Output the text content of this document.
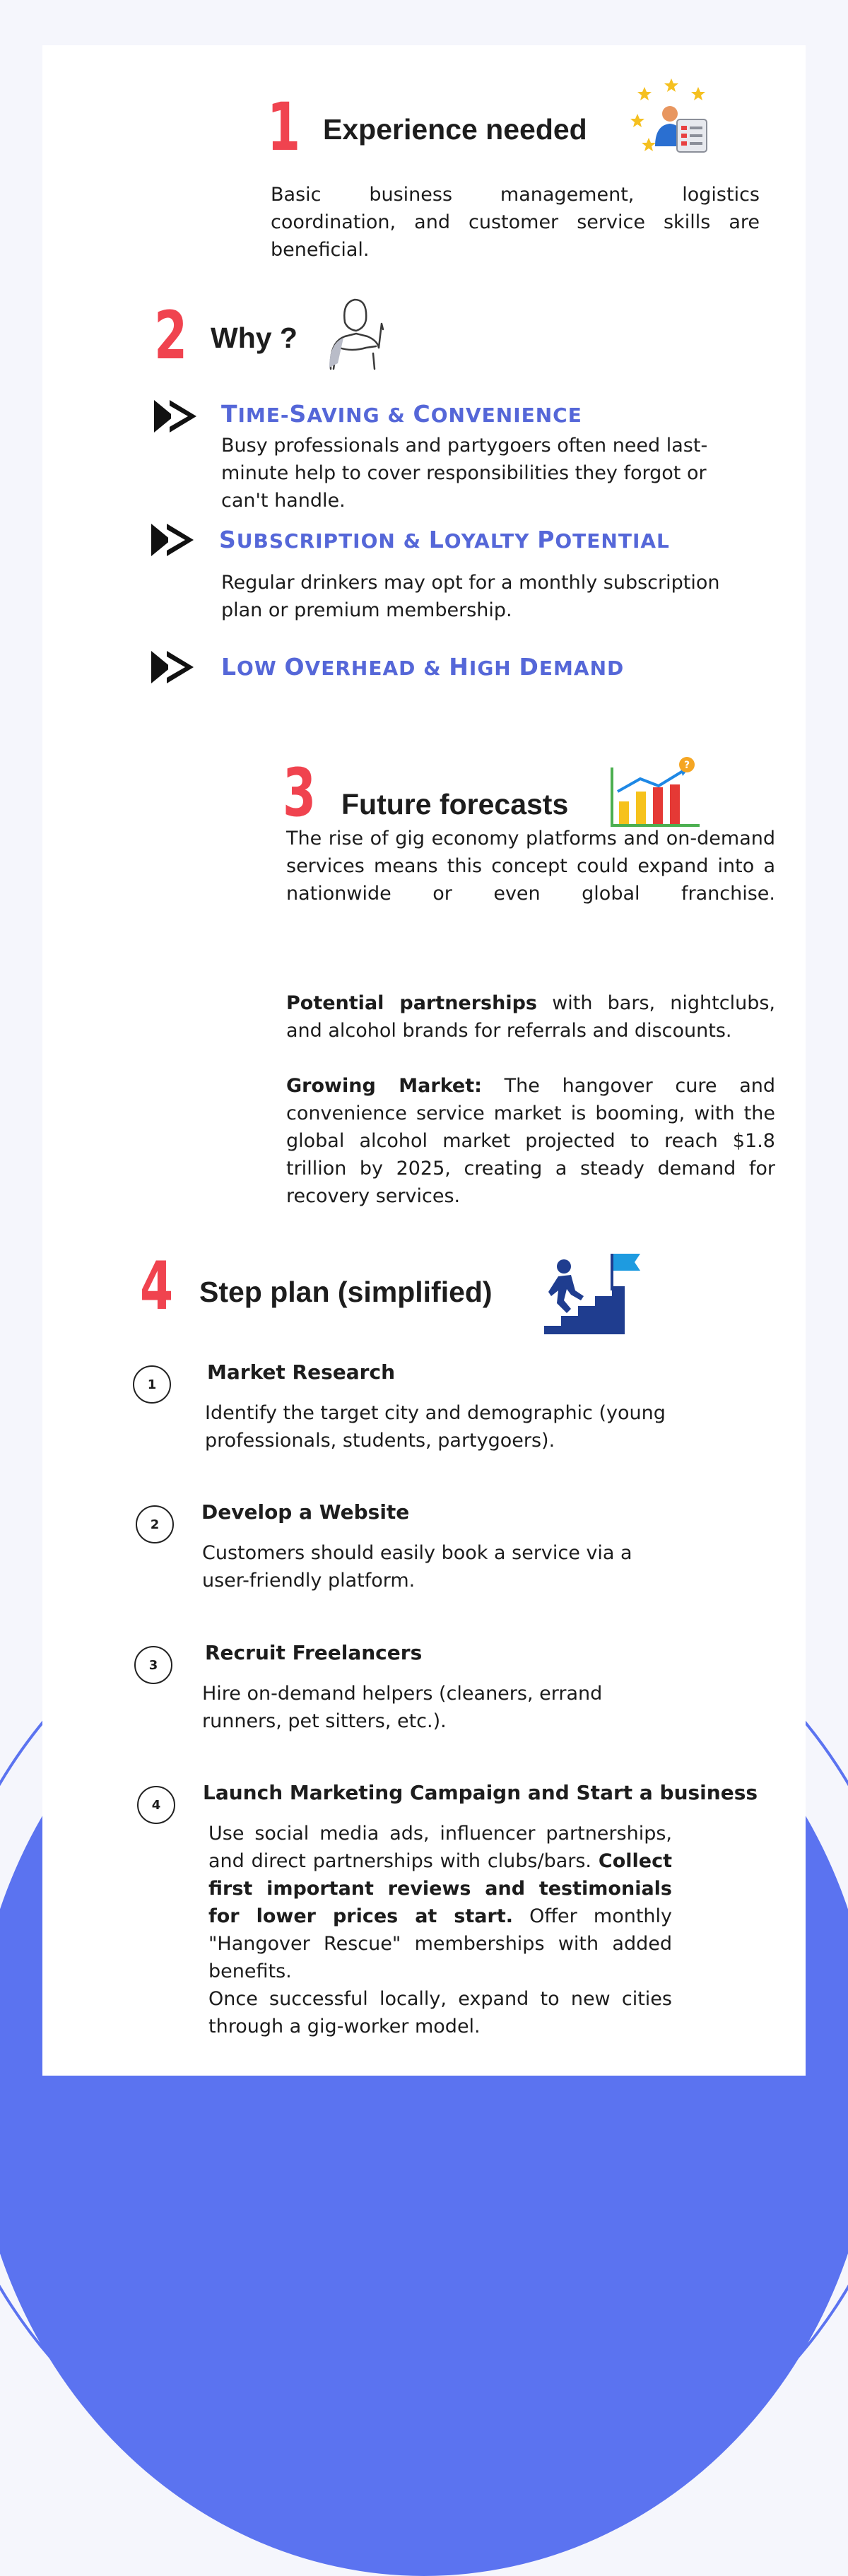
1 Experience needed
Basic business management, logistics coordination, and customer service skills are beneficial.
2 Why ?
TIME-SAVING & CONVENIENCE
Busy professionals and partygoers often need last-minute help to cover responsibilities they forgot or can't handle.
SUBSCRIPTION & LOYALTY POTENTIAL
Regular drinkers may opt for a monthly subscription plan or premium membership.
LOW OVERHEAD & HIGH DEMAND
3 Future forecasts
?
The rise of gig economy platforms and on-demand services means this concept could expand into a nationwide or even global franchise.
Potential partnerships with bars, nightclubs, and alcohol brands for referrals and discounts.
Growing Market: The hangover cure and convenience service market is booming, with the global alcohol market projected to reach $1.8 trillion by 2025, creating a steady demand for recovery services.
4 Step plan (simplified)
1
Market Research
Identify the target city and demographic (young professionals, students, partygoers).
2
Develop a Website
Customers should easily book a service via a user-friendly platform.
3
Recruit Freelancers
Hire on-demand helpers (cleaners, errand runners, pet sitters, etc.).
4
Launch Marketing Campaign and Start a business
Use social media ads, influencer partnerships, and direct partnerships with clubs/bars. Collect first important reviews and testimonials for lower prices at start. Offer monthly "Hangover Rescue" memberships with added benefits.
Once successful locally, expand to new cities through a gig-worker model.
